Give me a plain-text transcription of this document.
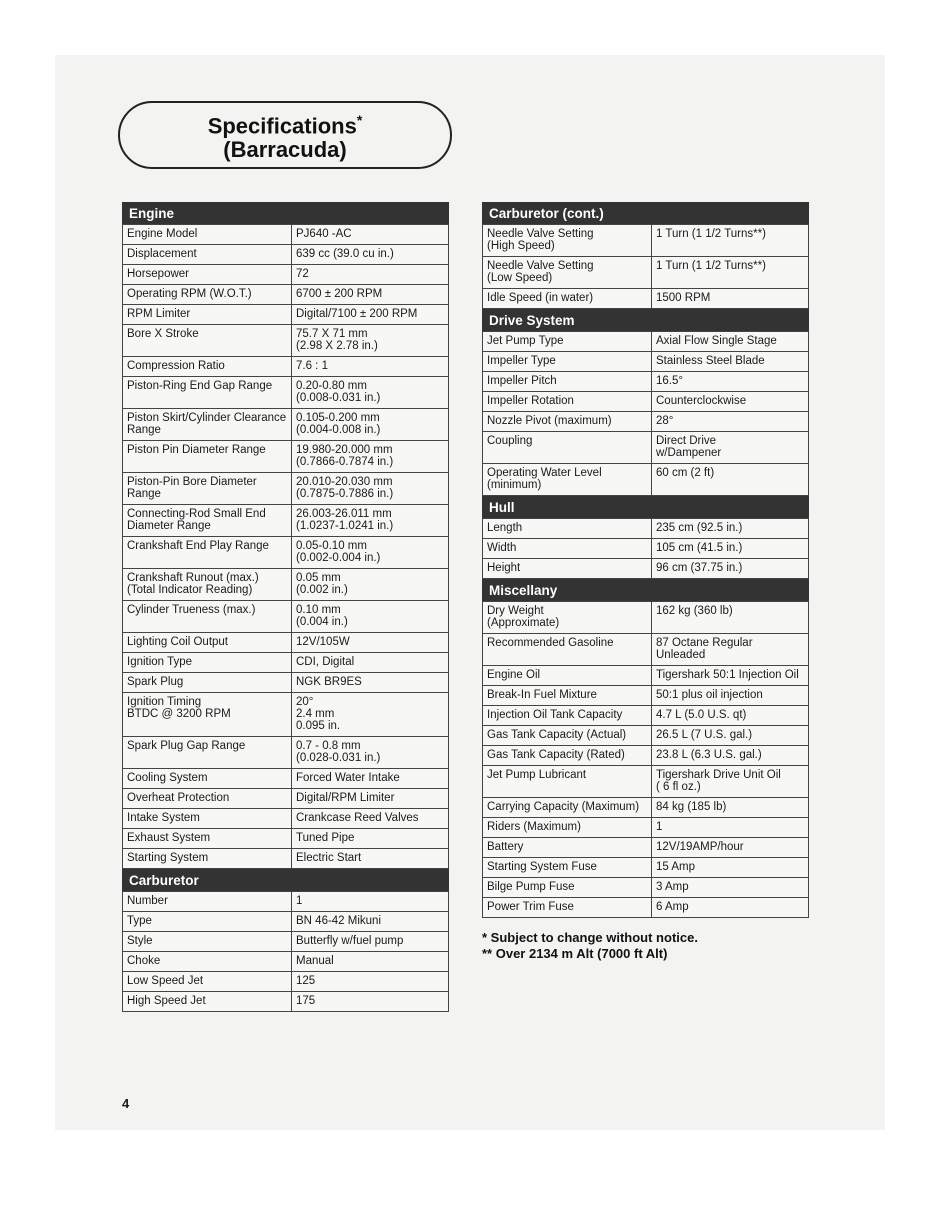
Specifications*
(Barracuda)
Engine
Engine Model	PJ640 -AC
Displacement	639 cc (39.0 cu in.)
Horsepower	72
Operating RPM (W.O.T.)	6700 ± 200 RPM
RPM Limiter	Digital/7100 ± 200 RPM
Bore X Stroke	75.7 X 71 mm
(2.98 X 2.78 in.)
Compression Ratio	7.6 : 1
Piston-Ring End Gap Range	0.20-0.80 mm
(0.008-0.031 in.)
Piston Skirt/Cylinder Clearance Range	0.105-0.200 mm
(0.004-0.008 in.)
Piston Pin Diameter Range	19.980-20.000 mm
(0.7866-0.7874 in.)
Piston-Pin Bore Diameter Range	20.010-20.030 mm
(0.7875-0.7886 in.)
Connecting-Rod Small End Diameter Range	26.003-26.011 mm
(1.0237-1.0241 in.)
Crankshaft End Play Range	0.05-0.10 mm
(0.002-0.004 in.)
Crankshaft Runout (max.)
(Total Indicator Reading)	0.05 mm
(0.002 in.)
Cylinder Trueness (max.)	0.10 mm
(0.004 in.)
Lighting Coil Output	12V/105W
Ignition Type	CDI, Digital
Spark Plug	NGK BR9ES
Ignition Timing
BTDC @ 3200 RPM	20°
2.4 mm
0.095 in.
Spark Plug Gap Range	0.7 - 0.8 mm
(0.028-0.031 in.)
Cooling System	Forced Water Intake
Overheat Protection	Digital/RPM Limiter
Intake System	Crankcase Reed Valves
Exhaust System	Tuned Pipe
Starting System	Electric Start
Carburetor
Number	1
Type	BN 46-42 Mikuni
Style	Butterfly w/fuel pump
Choke	Manual
Low Speed Jet	125
High Speed Jet	175
Carburetor (cont.)
Needle Valve Setting
(High Speed)	1 Turn (1 1/2 Turns**)
Needle Valve Setting
(Low Speed)	1 Turn (1 1/2 Turns**)
Idle Speed (in water)	1500 RPM
Drive System
Jet Pump Type	Axial Flow Single Stage
Impeller Type	Stainless Steel Blade
Impeller Pitch	16.5°
Impeller Rotation	Counterclockwise
Nozzle Pivot (maximum)	28°
Coupling	Direct Drive
w/Dampener
Operating Water Level
(minimum)	60 cm (2 ft)
Hull
Length	235 cm (92.5 in.)
Width	105 cm (41.5 in.)
Height	96 cm (37.75 in.)
Miscellany
Dry Weight
(Approximate)	162 kg (360 lb)
Recommended Gasoline	87 Octane Regular Unleaded
Engine Oil	Tigershark 50:1 Injection Oil
Break-In Fuel Mixture	50:1 plus oil injection
Injection Oil Tank Capacity	4.7 L (5.0 U.S. qt)
Gas Tank Capacity (Actual)	26.5 L (7 U.S. gal.)
Gas Tank Capacity (Rated)	23.8 L (6.3 U.S. gal.)
Jet Pump Lubricant	Tigershark Drive Unit Oil
( 6 fl oz.)
Carrying Capacity (Maximum)	84 kg (185 lb)
Riders (Maximum)	1
Battery	12V/19AMP/hour
Starting System Fuse	15 Amp
Bilge Pump Fuse	3 Amp
Power Trim Fuse	6 Amp
* Subject to change without notice.
** Over 2134 m Alt (7000 ft Alt)
4
